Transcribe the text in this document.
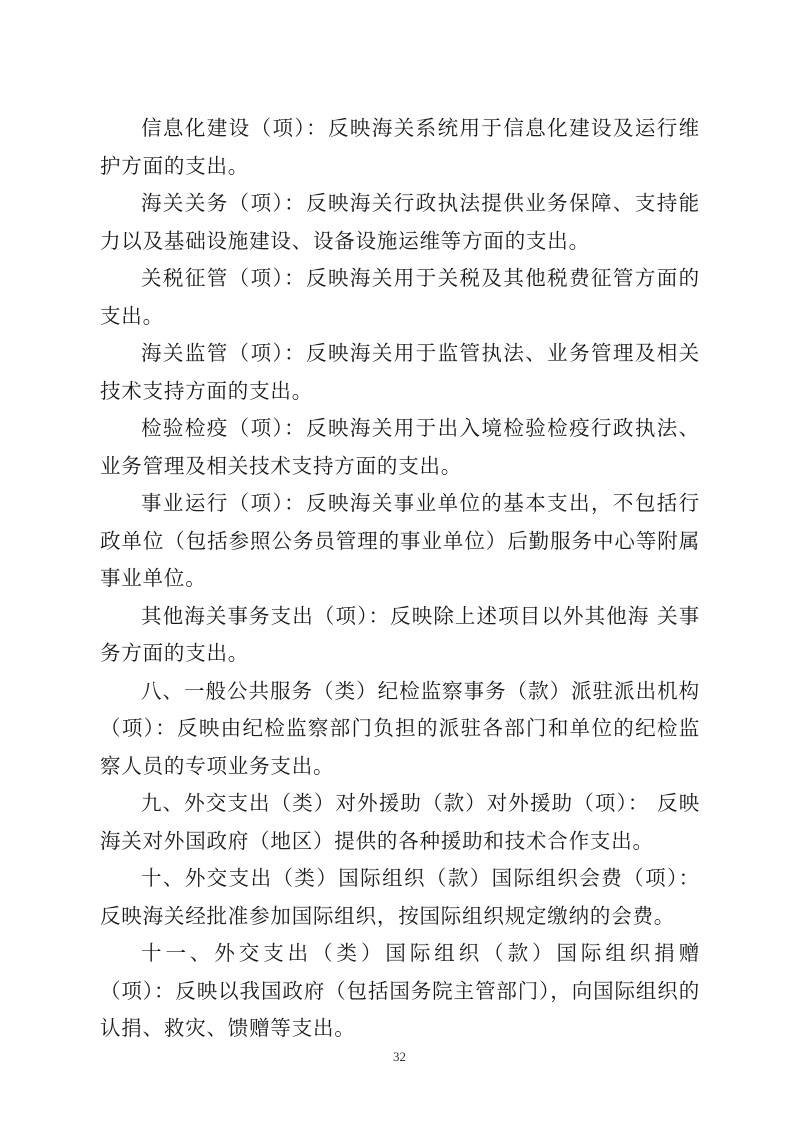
信息化建设（项）：反映海关系统用于信息化建设及运行维护方面的支出。

海关关务（项）：反映海关行政执法提供业务保障、支持能力以及基础设施建设、设备设施运维等方面的支出。

关税征管（项）：反映海关用于关税及其他税费征管方面的支出。

海关监管（项）：反映海关用于监管执法、业务管理及相关技术支持方面的支出。

检验检疫（项）：反映海关用于出入境检验检疫行政执法、业务管理及相关技术支持方面的支出。

事业运行（项）：反映海关事业单位的基本支出，不包括行政单位（包括参照公务员管理的事业单位）后勤服务中心等附属事业单位。

其他海关事务支出（项）：反映除上述项目以外其他海 关事务方面的支出。

八、一般公共服务（类）纪检监察事务（款）派驻派出机构（项）：反映由纪检监察部门负担的派驻各部门和单位的纪检监察人员的专项业务支出。

九、外交支出（类）对外援助（款）对外援助（项）： 反映海关对外国政府（地区）提供的各种援助和技术合作支出。

十、外交支出（类）国际组织（款）国际组织会费（项）： 反映海关经批准参加国际组织，按国际组织规定缴纳的会费。

十一、外交支出（类）国际组织（款）国际组织捐赠 （项）：反映以我国政府（包括国务院主管部门），向国际组织的认捐、救灾、馈赠等支出。

32
